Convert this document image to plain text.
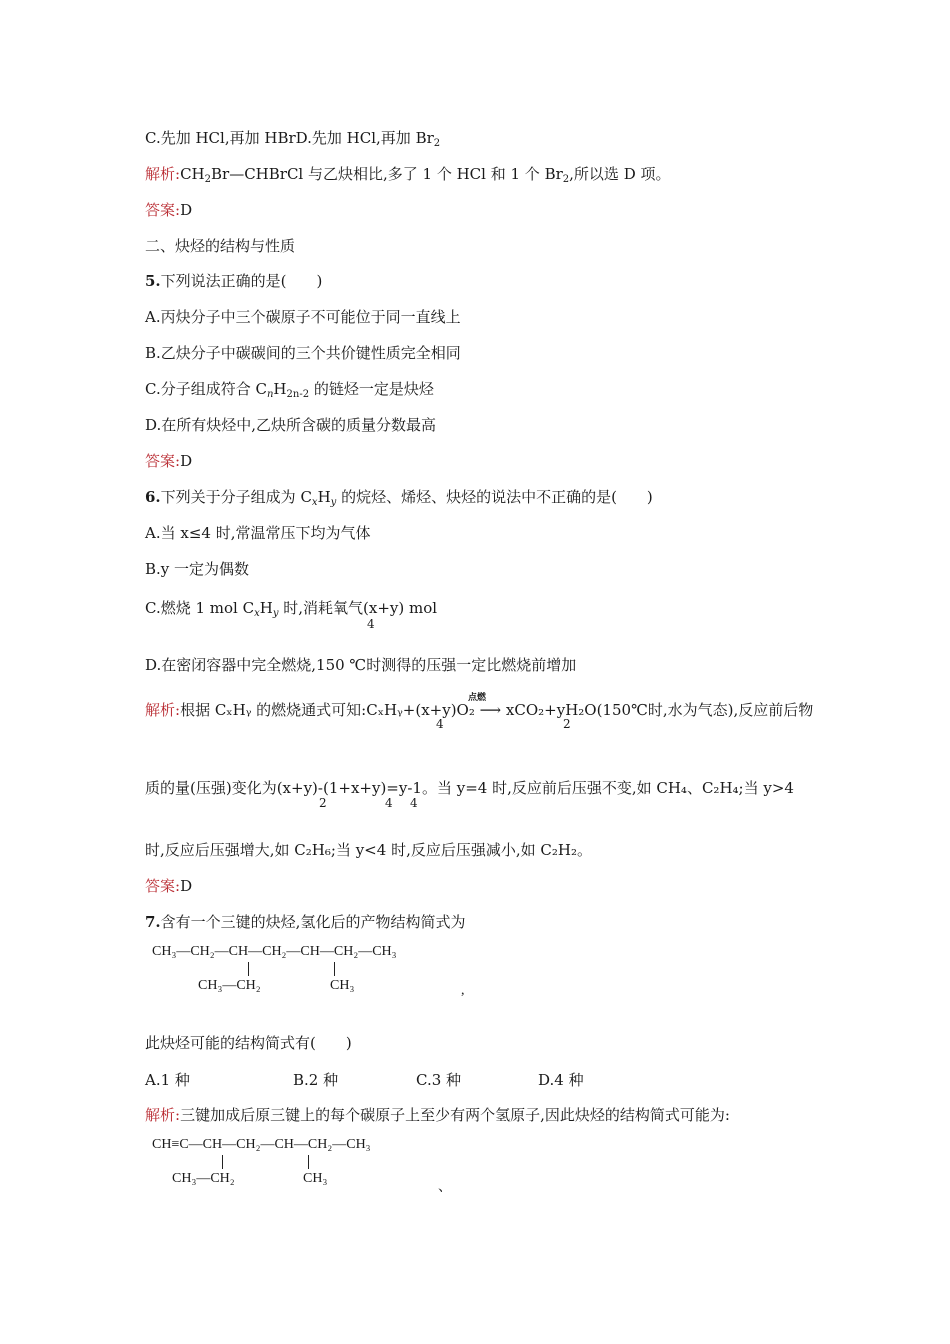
C.先加 HCl,再加 HBrD.先加 HCl,再加 $Br_2$
解析$:CH_2Br—CHBrCl$ 与乙炔相比,多了 1 个 HCl 和 1 个 $Br_2$,所以选 D 项。
答案:D
二、炔烃的结构与性质
5.下列说法正确的是(　　)
A.丙炔分子中三个碳原子不可能位于同一直线上
B.乙炔分子中碳碳间的三个共价键性质完全相同
C.分子组成符合 $C_nH_{2n-2}$ 的链烃一定是炔烃
D.在所有炔烃中,乙炔所含碳的质量分数最高
答案:D
6.下列关于分子组成为 $C_xH_y$ 的烷烃、烯烃、炔烃的说法中不正确的是(　　)
A.当 x≤4 时,常温常压下均为气体
B.y 一定为偶数
C.燃烧 1 mol $C_xH_y$ 时,消耗氧气(x+y) mol
4
D.在密闭容器中完全燃烧,150 ℃时测得的压强一定比燃烧前增加
解析:根据 CₓHᵧ 的燃烧通式可知:CₓHᵧ+(x+y)O₂ ⟶ xCO₂+yH₂O(150℃时,水为气态),反应前后物
点燃
4	2
质的量(压强)变化为(x+y)-(1+x+y)=y-1。当 y=4 时,反应前后压强不变,如 CH₄、C₂H₄;当 y>4
2	4 4
时,反应后压强增大,如 C₂H₆;当 y<4 时,反应后压强减小,如 C₂H₂。
答案:D
7.含有一个三键的炔烃,氢化后的产物结构简式为
CH₃—CH₂—CH—CH₂—CH—CH₂—CH₃
CH₃—CH₂	CH₃	,
此炔烃可能的结构简式有(　　)
A.1 种	B.2 种	C.3 种	D.4 种
解析:三键加成后原三键上的每个碳原子上至少有两个氢原子,因此炔烃的结构简式可能为:
CH≡C—CH—CH₂—CH—CH₂—CH₃
CH₃—CH₂	CH₃
、
